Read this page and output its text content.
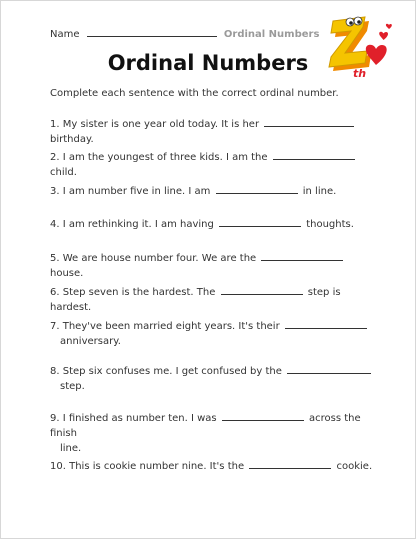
Name	Ordinal Numbers
th
Ordinal Numbers
Complete each sentence with the correct ordinal number.
1. My sister is one year old today. It is her  birthday.
2. I am the youngest of three kids. I am the  child.
3. I am number five in line. I am	in line.
4. I am rethinking it. I am having	thoughts.
5. We are house number four. We are the  house.
6. Step seven is the hardest. The	step is hardest.
7. They've been married eight years. It's their
anniversary.
8. Step six confuses me. I get confused by the
step.
9. I finished as number ten. I was	across the finish
line.
10. This is cookie number nine. It's the	cookie.
